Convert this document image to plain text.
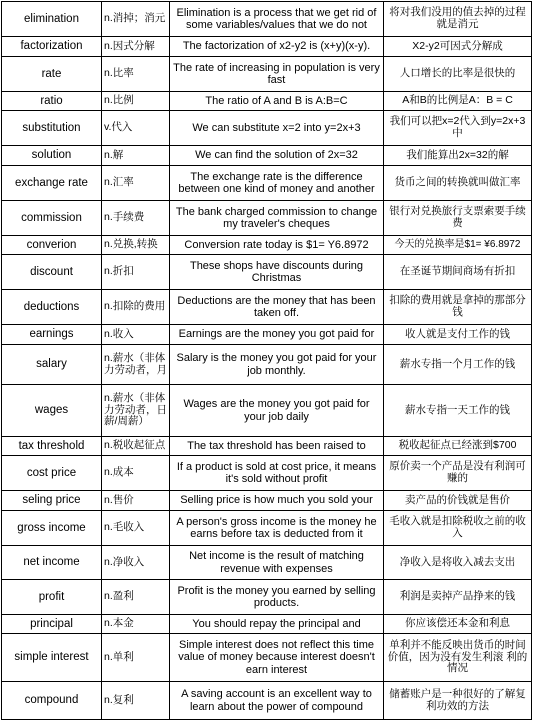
elimination	n.消掉；消元	Elimination is a process that we get rid of some variables/values that we do not	将对我们没用的值去掉的过程就是消元
factorization	n.因式分解	The factorization of x2-y2 is (x+y)(x-y).	X2-y2可因式分解成
rate	n.比率	The rate of increasing in population is very fast	人口增长的比率是很快的
ratio	n.比例	The ratio of A and B is A:B=C	A和B的比例是A：B = C
substitution	v.代入	We can substitute x=2 into y=2x+3	我们可以把x=2代入到y=2x+3中
solution	n.解	We can find the solution of 2x=32	我们能算出2x=32的解
exchange rate	n.汇率	The exchange rate is the difference between one kind of money and another	货币之间的转换就叫做汇率
commission	n.手续费	The bank charged commission to change my traveler's cheques	银行对兑换旅行支票索要手续费
converion	n.兑换,转换	Conversion rate today is $1= Y6.8972	今天的兑换率是$1= ¥6.8972
discount	n.折扣	These shops have discounts during Christmas	在圣诞节期间商场有折扣
deductions	n.扣除的费用	Deductions are the money that has been taken off.	扣除的费用就是拿掉的那部分钱
earnings	n.收入	Earnings are the money you got paid for	收人就是支付工作的钱
salary	n.薪水（非体力劳动者，月	Salary is the money you got paid for your job monthly.	薪水专指一个月工作的钱
wages	n.薪水（非体力劳动者，日薪/周薪）	Wages are the money you got paid for your job daily	薪水专指一天工作的钱
tax threshold	n.税收起征点	The tax threshold has been raised to	税收起征点已经涨到$700
cost price	n.成本	If a product is sold at cost price, it means it's sold without profit	原价卖一个产品是没有利润可赚的
seling price	n.售价	Selling price is how much you sold your	卖产品的价钱就是售价
gross income	n.毛收入	A person's gross income is the money he earns before tax is deducted from it	毛收入就是扣除税收之前的收入
net income	n.净收入	Net income is the result of matching revenue with expenses	净收入是将收入减去支出
profit	n.盈利	Profit is the money you earned by selling products.	利润是卖掉产品挣来的钱
principal	n.本金	You should repay the principal and	你应该偿还本金和利息
simple interest	n.单利	Simple interest does not reflect this time value of money because interest doesn't earn interest	单利并不能反映出货币的时间价值，因为没有发生利滚 利的情况
compound	n.复利	A saving account is an excellent way to learn about the power of compound	储蓄账户是一种很好的了解复利功效的方法
